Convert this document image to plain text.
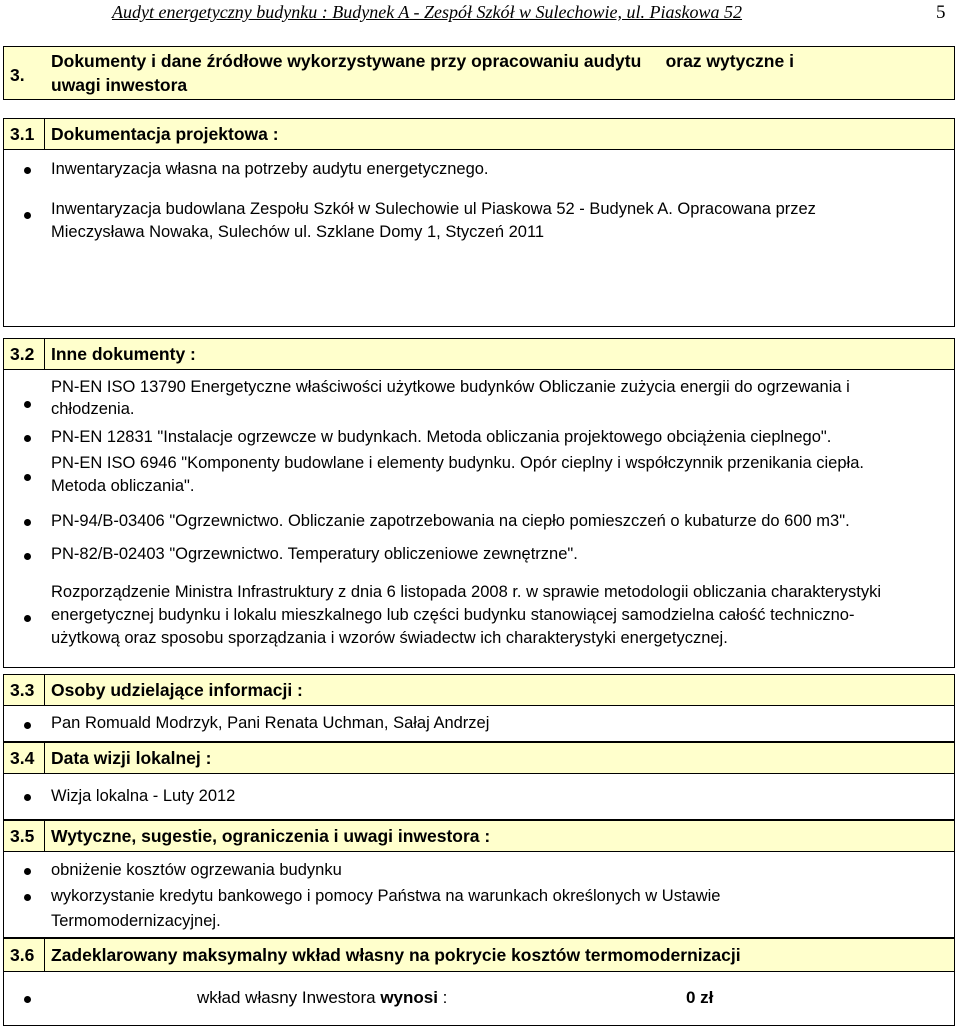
Audyt energetyczny budynku : Budynek A - Zespół Szkół w Sulechowie, ul. Piaskowa 52	5
3.
Dokumenty i dane źródłowe wykorzystywane przy opracowaniu audytu     oraz wytyczne i
uwagi inwestora
3.1 Dokumentacja projektowa :
Inwentaryzacja własna na potrzeby audytu energetycznego.
Inwentaryzacja budowlana Zespołu Szkół w Sulechowie ul Piaskowa 52 - Budynek A. Opracowana przez
Mieczysława Nowaka, Sulechów ul. Szklane Domy 1, Styczeń 2011
3.2 Inne dokumenty :
PN-EN ISO 13790 Energetyczne właściwości użytkowe budynków Obliczanie zużycia energii do ogrzewania i
chłodzenia.
PN-EN 12831 "Instalacje ogrzewcze w budynkach. Metoda obliczania projektowego obciążenia cieplnego".
PN-EN ISO 6946 "Komponenty budowlane i elementy budynku. Opór cieplny i współczynnik przenikania ciepła.
Metoda obliczania".
PN-94/B-03406 "Ogrzewnictwo. Obliczanie zapotrzebowania na ciepło pomieszczeń o kubaturze do 600 m3".
PN-82/B-02403 "Ogrzewnictwo. Temperatury obliczeniowe zewnętrzne".
Rozporządzenie Ministra Infrastruktury z dnia 6 listopada 2008 r. w sprawie metodologii obliczania charakterystyki
energetycznej budynku i lokalu mieszkalnego lub części budynku stanowiącej samodzielna całość techniczno-
użytkową oraz sposobu sporządzania i wzorów świadectw ich charakterystyki energetycznej.
3.3 Osoby udzielające informacji :
Pan Romuald Modrzyk, Pani Renata Uchman, Sałaj Andrzej
3.4 Data wizji lokalnej :
Wizja lokalna - Luty 2012
3.5 Wytyczne, sugestie, ograniczenia i uwagi inwestora :
obniżenie kosztów ogrzewania budynku
wykorzystanie kredytu bankowego i pomocy Państwa na warunkach określonych w Ustawie
Termomodernizacyjnej.
3.6 Zadeklarowany maksymalny wkład własny na pokrycie kosztów termomodernizacji
wkład własny Inwestora wynosi :	0 zł
